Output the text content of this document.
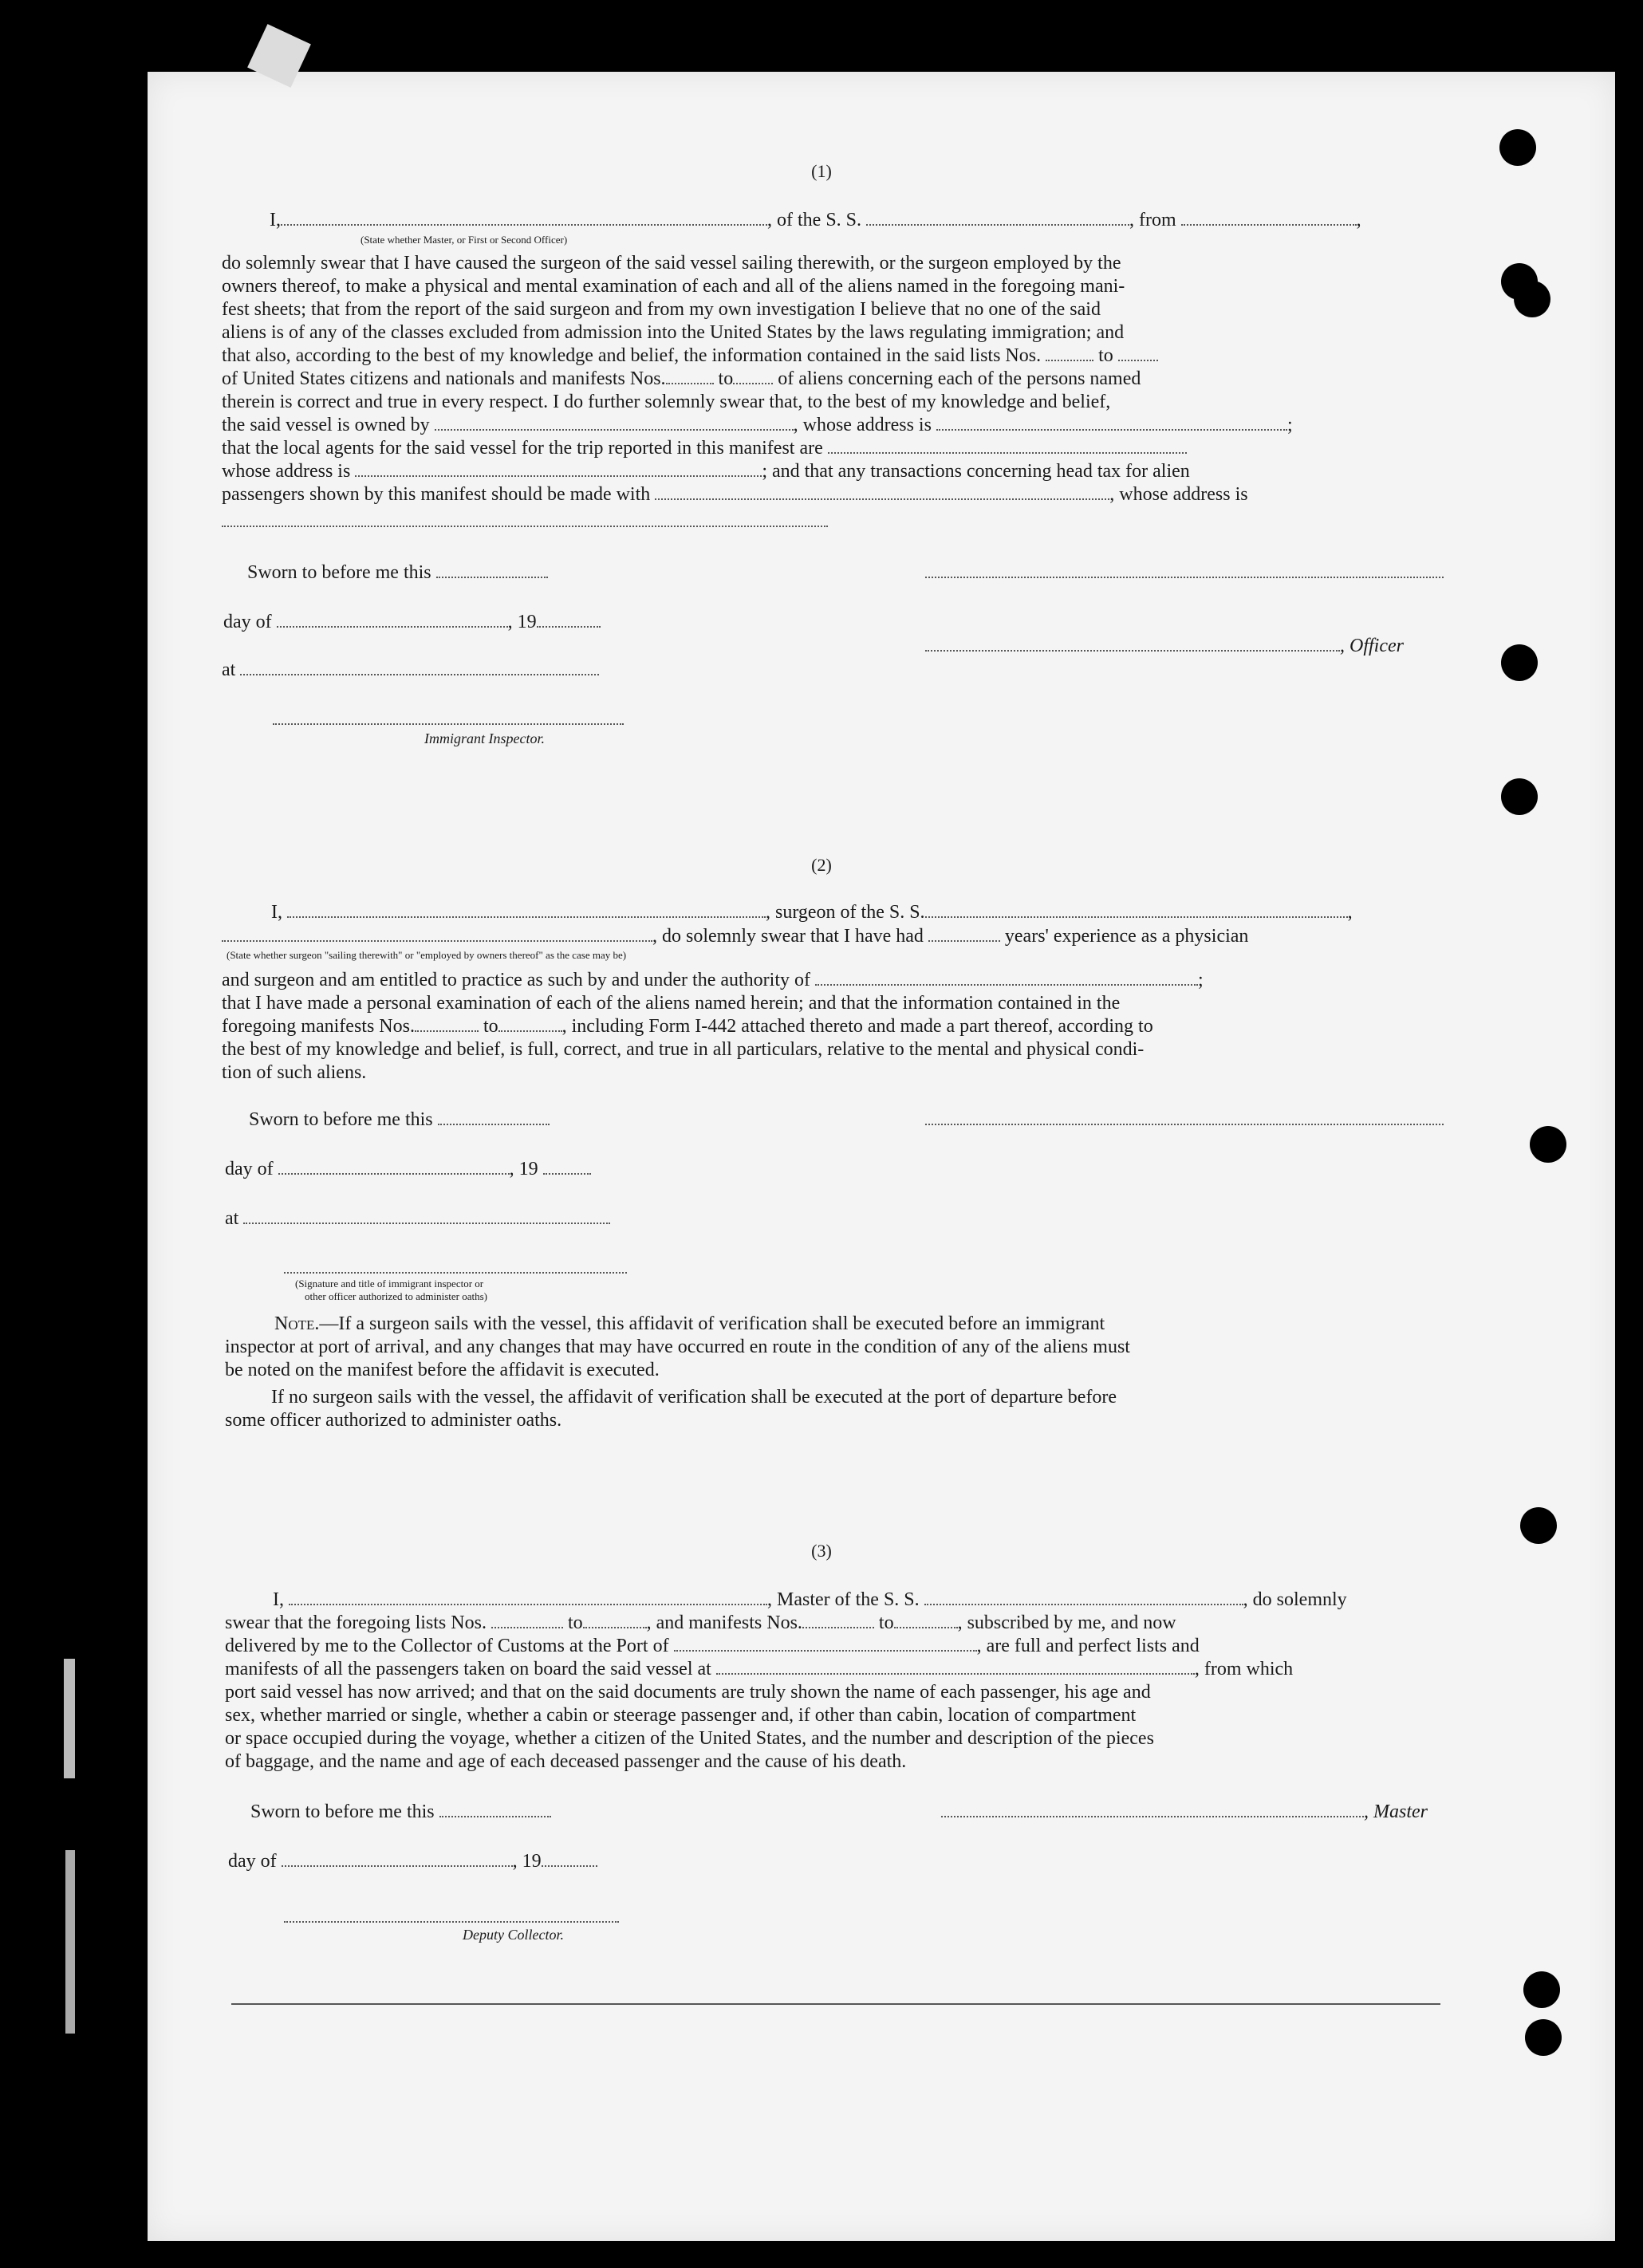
(1)
I,	, of the S. S.	, from	,
(State whether Master, or First or Second Officer)
do solemnly swear that I have caused the surgeon of the said vessel sailing therewith, or the surgeon employed by the
owners thereof, to make a physical and mental examination of each and all of the aliens named in the foregoing mani-
fest sheets; that from the report of the said surgeon and from my own investigation I believe that no one of the said
aliens is of any of the classes excluded from admission into the United States by the laws regulating immigration; and
that also, according to the best of my knowledge and belief, the information contained in the said lists Nos.	to
of United States citizens and nationals and manifests Nos.	to of aliens concerning each of the persons named
therein is correct and true in every respect. I do further solemnly swear that, to the best of my knowledge and belief,
the said vessel is owned by	, whose address is	;
that the local agents for the said vessel for the trip reported in this manifest are
whose address is	; and that any transactions concerning head tax for alien
passengers shown by this manifest should be made with	, whose address is
Sworn to before me this
day of	, 19
, Officer
at
Immigrant Inspector.
(2)
I,	, surgeon of the S. S.	,
, do solemnly swear that I have had	years' experience as a physician
(State whether surgeon "sailing therewith" or "employed by owners thereof" as the case may be)
and surgeon and am entitled to practice as such by and under the authority of	;
that I have made a personal examination of each of the aliens named herein; and that the information contained in the
foregoing manifests Nos.	to	, including Form I-442 attached thereto and made a part thereof, according to
the best of my knowledge and belief, is full, correct, and true in all particulars, relative to the mental and physical condi-
tion of such aliens.
Sworn to before me this
day of	, 19
at
(Signature and title of immigrant inspector or
other officer authorized to administer oaths)
Note.—If a surgeon sails with the vessel, this affidavit of verification shall be executed before an immigrant
inspector at port of arrival, and any changes that may have occurred en route in the condition of any of the aliens must
be noted on the manifest before the affidavit is executed.
If no surgeon sails with the vessel, the affidavit of verification shall be executed at the port of departure before
some officer authorized to administer oaths.
(3)
I,	, Master of the S. S.	, do solemnly
swear that the foregoing lists Nos.	to	, and manifests Nos.	to	, subscribed by me, and now
delivered by me to the Collector of Customs at the Port of	, are full and perfect lists and
manifests of all the passengers taken on board the said vessel at	, from which
port said vessel has now arrived; and that on the said documents are truly shown the name of each passenger, his age and
sex, whether married or single, whether a cabin or steerage passenger and, if other than cabin, location of compartment
or space occupied during the voyage, whether a citizen of the United States, and the number and description of the pieces
of baggage, and the name and age of each deceased passenger and the cause of his death.
Sworn to before me this	, Master
day of	, 19
Deputy Collector.
